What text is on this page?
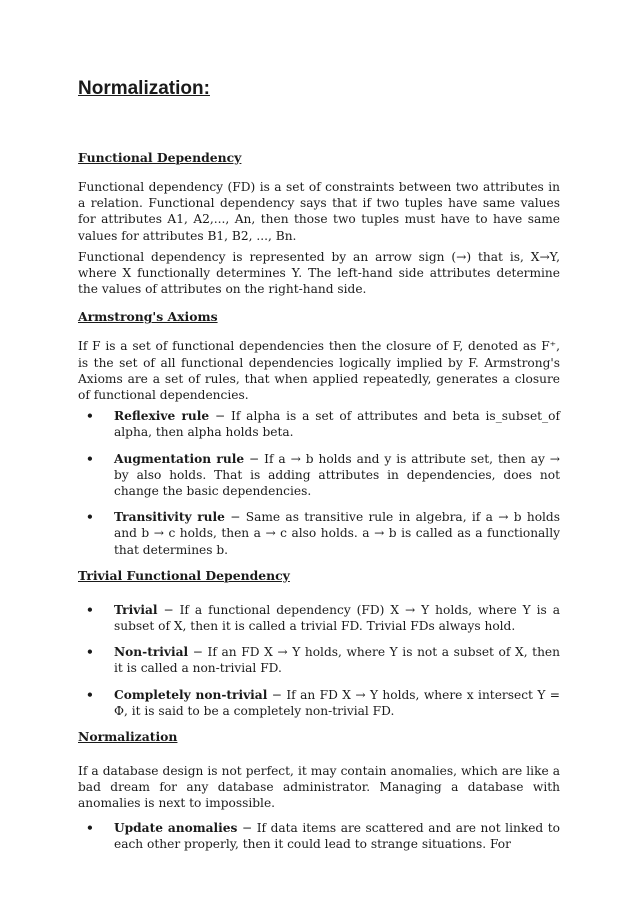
Normalization:
Functional Dependency

Functional dependency (FD) is a set of constraints between two attributes in a relation. Functional dependency says that if two tuples have same values for attributes A1, A2,..., An, then those two tuples must have to have same values for attributes B1, B2, ..., Bn.

Functional dependency is represented by an arrow sign (→) that is, X→Y, where X functionally determines Y. The left-hand side attributes determine the values of attributes on the right-hand side.

Armstrong's Axioms

If F is a set of functional dependencies then the closure of F, denoted as F⁺, is the set of all functional dependencies logically implied by F. Armstrong's Axioms are a set of rules, that when applied repeatedly, generates a closure of functional dependencies.

• Reflexive rule − If alpha is a set of attributes and beta is_subset_of alpha, then alpha holds beta.
• Augmentation rule − If a → b holds and y is attribute set, then ay → by also holds. That is adding attributes in dependencies, does not change the basic dependencies.
• Transitivity rule − Same as transitive rule in algebra, if a → b holds and b → c holds, then a → c also holds. a → b is called as a functionally that determines b.
Trivial Functional Dependency
• Trivial − If a functional dependency (FD) X → Y holds, where Y is a subset of X, then it is called a trivial FD. Trivial FDs always hold.
• Non-trivial − If an FD X → Y holds, where Y is not a subset of X, then it is called a non-trivial FD.
• Completely non-trivial − If an FD X → Y holds, where x intersect Y = Φ, it is said to be a completely non-trivial FD.
Normalization

If a database design is not perfect, it may contain anomalies, which are like a bad dream for any database administrator. Managing a database with anomalies is next to impossible.

• Update anomalies − If data items are scattered and are not linked to each other properly, then it could lead to strange situations. For
